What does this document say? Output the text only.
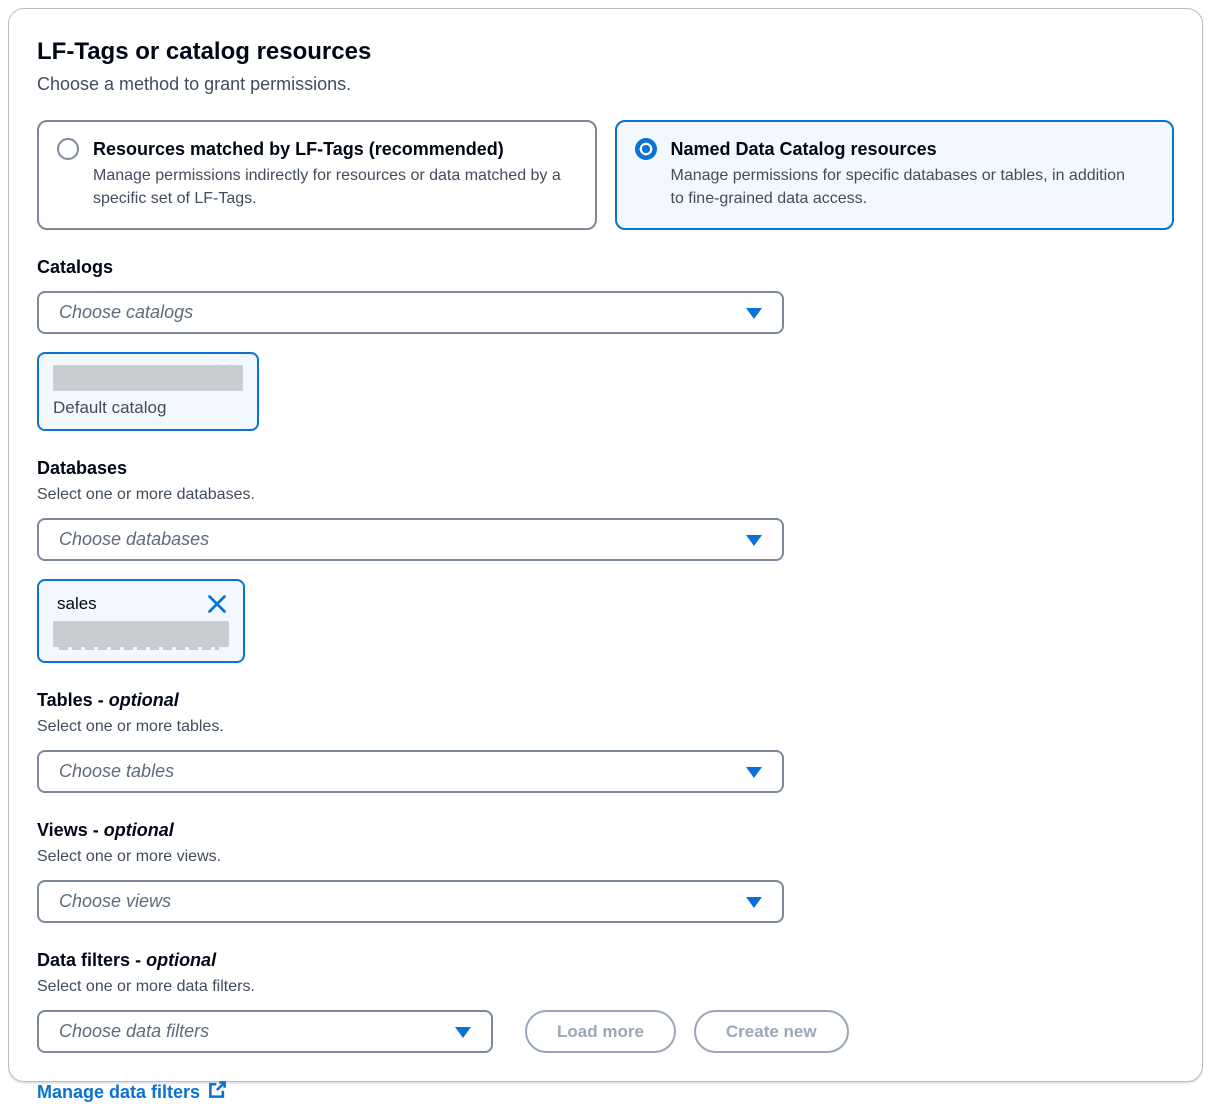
LF-Tags or catalog resources
Choose a method to grant permissions.
Resources matched by LF-Tags (recommended)
Manage permissions indirectly for resources or data matched by a specific set of LF-Tags.
Named Data Catalog resources
Manage permissions for specific databases or tables, in addition to fine-grained data access.
Catalogs
Choose catalogs
Default catalog
Databases
Select one or more databases.
Choose databases
sales
Tables - optional
Select one or more tables.
Choose tables
Views - optional
Select one or more views.
Choose views
Data filters - optional
Select one or more data filters.
Choose data filters	Load more	Create new
Manage data filters
